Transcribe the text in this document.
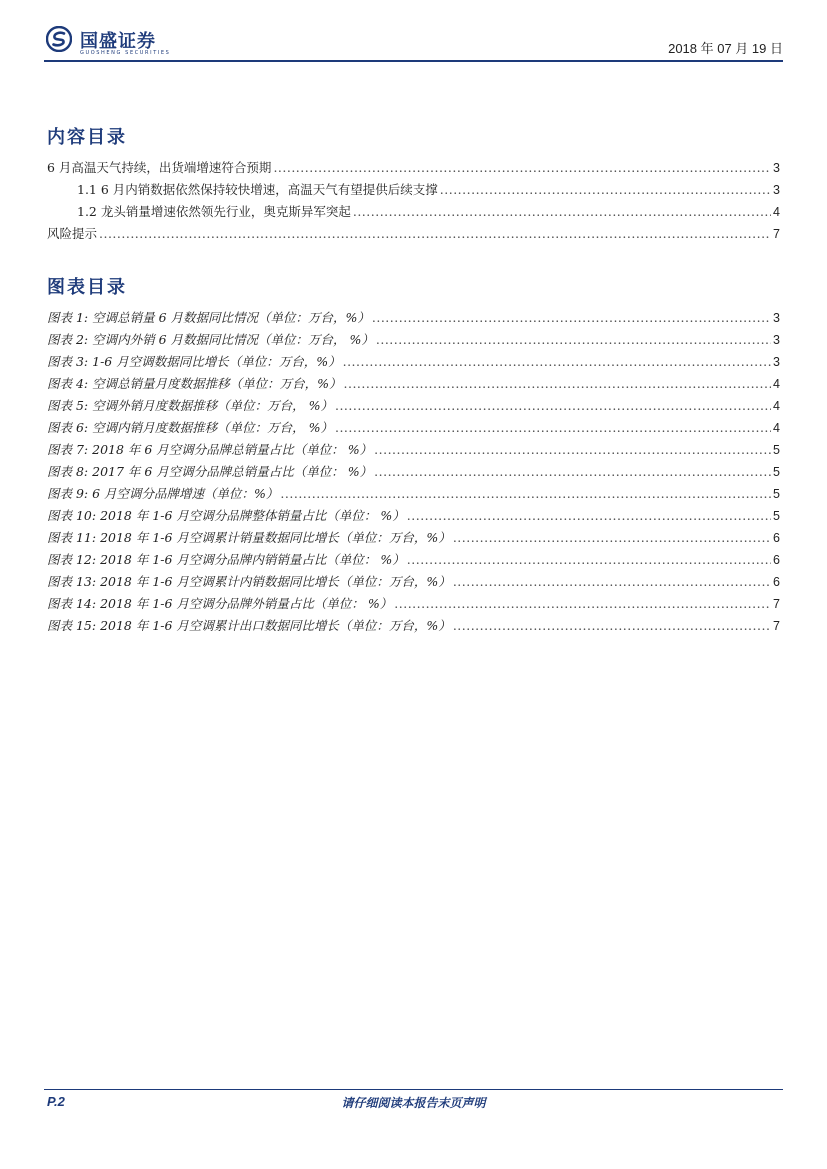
国盛证券
GUOSHENG SECURITIES	2018 年 07 月 19 日
内容目录
6 月高温天气持续，出货端增速符合预期 .....	3
1.1 6 月内销数据依然保持较快增速，高温天气有望提供后续支撑 .....	3
1.2 龙头销量增速依然领先行业，奥克斯异军突起 .....	4
风险提示 .....	7
图表目录
图表 1: 空调总销量 6 月数据同比情况（单位：万台，%） .....	3
图表 2: 空调内外销 6 月数据同比情况（单位：万台， %） .....	3
图表 3: 1-6 月空调数据同比增长（单位：万台，%） .....	3
图表 4: 空调总销量月度数据推移（单位：万台，%） .....	4
图表 5: 空调外销月度数据推移（单位：万台， %） .....	4
图表 6: 空调内销月度数据推移（单位：万台， %） .....	4
图表 7: 2018 年 6 月空调分品牌总销量占比（单位： %） .....	5
图表 8: 2017 年 6 月空调分品牌总销量占比（单位： %） .....	5
图表 9: 6 月空调分品牌增速（单位：%） .....	5
图表 10: 2018 年 1-6 月空调分品牌整体销量占比（单位： %） .....	5
图表 11: 2018 年 1-6 月空调累计销量数据同比增长（单位：万台，%） .....	6
图表 12: 2018 年 1-6 月空调分品牌内销销量占比（单位： %） .....	6
图表 13: 2018 年 1-6 月空调累计内销数据同比增长（单位：万台，%） .....	6
图表 14: 2018 年 1-6 月空调分品牌外销量占比（单位： %） .....	7
图表 15: 2018 年 1-6 月空调累计出口数据同比增长（单位：万台，%） .....	7
P.2	请仔细阅读本报告末页声明
